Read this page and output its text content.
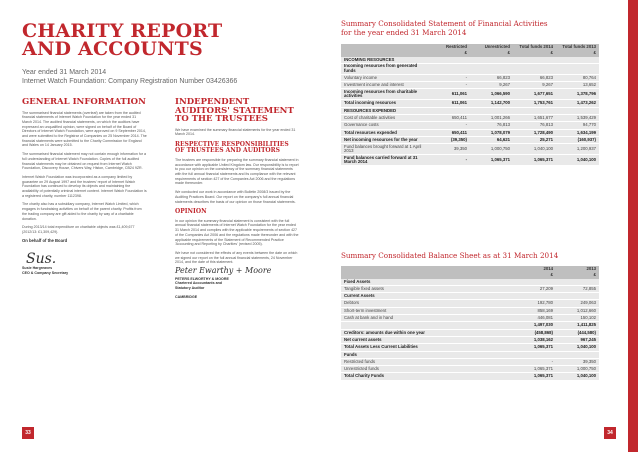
CHARITY REPORT
AND ACCOUNTS
Year ended 31 March 2014
Internet Watch Foundation: Company Registration Number 03426366
GENERAL INFORMATION

The summarised financial statements (overleaf) are taken from the audited financial statements of Internet Watch Foundation for the year ended 31 March 2014. The audited financial statements, on which the auditors have expressed an unqualified opinion, were signed on behalf of the Board of Directors of Internet Watch Foundation, were approved on 9 September 2014, and were submitted to the Registrar of Companies on 25 November 2014. The financial statements were submitted to the Charity Commission for England and Wales on 14 January 2015.

The summarised financial statement may not contain enough information for a full understanding of Internet Watch Foundation. Copies of the full audited financial statements may be obtained on request from Internet Watch Foundation, Discovery House, Chivers Way, Histon, Cambridge, CB24 9ZR.

Internet Watch Foundation was incorporated as a company limited by guarantee on 29 August 1997 and the trustees' report of Internet Watch Foundation has continued to develop its objects and maintaining the availability of potentially criminal internet content. Internet Watch Foundation is a registered charity, number 1112398.

The charity also has a subsidiary company, Internet Watch Limited, which engages in fundraising activities on behalf of the parent charity. Profits from the trading company are gift aided to the charity by way of a charitable donation.

During 2013/14 total expenditure on charitable objects was £1,409,677 (2012/13: £1,309,429).

On behalf of the Board
Sus.
Susie Hargreaves
CEO & Company Secretary
INDEPENDENT AUDITORS' STATEMENT TO THE TRUSTEES

We have examined the summary financial statements for the year ended 31 March 2014.

RESPECTIVE RESPONSIBILITIES OF TRUSTEES AND AUDITORS

The trustees are responsible for preparing the summary financial statement in accordance with applicable United Kingdom law. Our responsibility is to report to you our opinion on the consistency of the summary financial statements with the full annual financial statements and its compliance with the relevant requirements of section 427 of the Companies Act 2006 and the regulations made thereunder.

We conducted our work in accordance with Bulletin 2008/3 issued by the Auditing Practices Board. Our report on the company's full annual financial statements describes the basis of our opinion on those financial statements.

OPINION

In our opinion the summary financial statement is consistent with the full annual financial statements of Internet Watch Foundation for the year ended 31 March 2014 and complies with the applicable requirements of section 427 of the Companies Act 2006 and the regulations made thereunder and with the applicable requirements of the Statement of Recommended Practice 'Accounting and Reporting by Charities' (revised 2005).

We have not considered the effects of any events between the date on which we signed our report on the full annual financial statements, 24 November 2014, and the date of this statement.

Peter Ewarthy + Moore
PETERS ELWORTHY & MOORE
Chartered Accountants and
Statutory Auditor
CAMBRIDGE
33
Summary Consolidated Statement of Financial Activities
for the year ended 31 March 2014
	Restricted	Unrestricted	Total funds 2014	Total funds 2013
	£	£	£	£
INCOMING RESOURCES				
Incoming resources from generated funds				
Voluntary income	-	66,823	66,823	80,764
Investment income and interest	-	9,267	9,267	13,652
Incoming resources from charitable activities	611,061	1,066,590	1,677,651	1,378,796
Total incoming resources	611,061	1,142,700	1,753,761	1,473,262
RESOURCES EXPENDED				
Cost of charitable activities	650,411	1,001,266	1,651,677	1,539,429
Governance costs	-	76,813	76,813	94,770
Total resources expended	650,411	1,078,079	1,728,490	1,634,199
Net incoming resources for the year	(39,350)	64,621	25,271	(160,937)
Fund balances brought forward at 1 April 2013	39,350	1,000,750	1,040,100	1,200,937
Fund balances carried forward at 31 March 2014	-	1,065,371	1,065,371	1,040,100
Summary Consolidated Balance Sheet as at 31 March 2014
	2014	2013
	£	£
Fixed Assets		
Tangible fixed assets	27,209	72,855
Current Assets		
Debtors	192,780	249,063
Short-term investment	858,169	1,012,660
Cash at bank and in hand	446,081	150,102
	1,497,030	1,411,825
Creditors: amounts due within one year	(458,868)	(444,580)
Net current assets	1,038,162	967,245
Total Assets Less Current Liabilities	1,065,371	1,040,100
Funds		
Restricted funds	-	39,350
Unrestricted funds	1,065,371	1,000,750
Total Charity Funds	1,065,371	1,040,100
34
ACCOUNTS
